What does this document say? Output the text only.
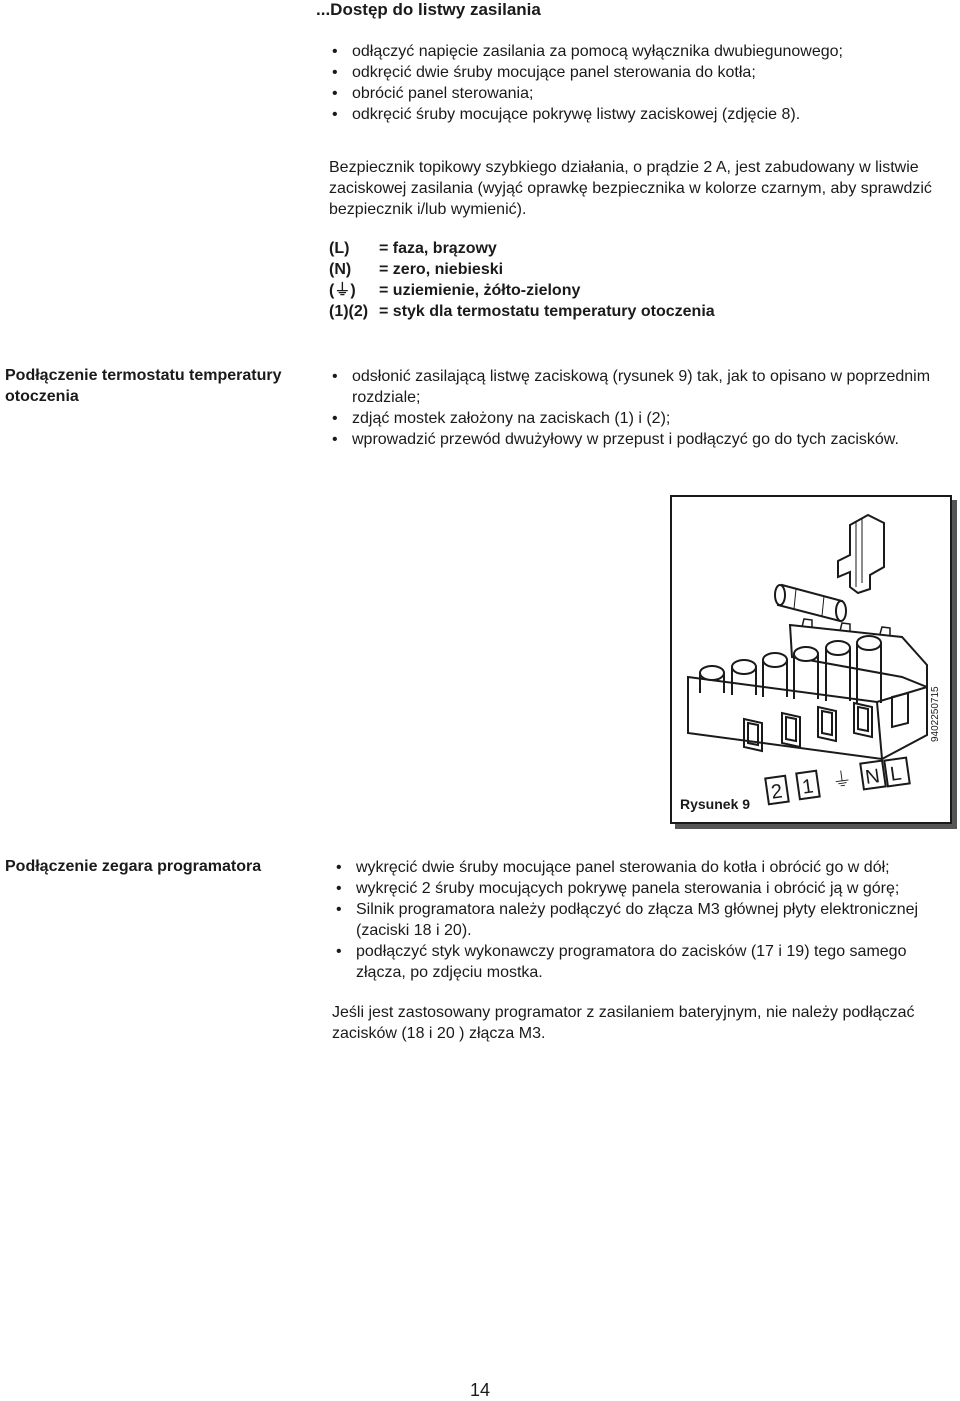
...Dostęp do listwy zasilania
• odłączyć napięcie zasilania za pomocą wyłącznika dwubiegunowego;
• odkręcić dwie śruby mocujące panel sterowania do kotła;
• obrócić panel sterowania;
• odkręcić śruby mocujące pokrywę listwy zaciskowej (zdjęcie 8).
Bezpiecznik topikowy szybkiego działania, o prądzie 2 A, jest zabudowany w listwie zaciskowej zasilania (wyjąć oprawkę bezpiecznika w kolorze czarnym, aby sprawdzić bezpiecznik i/lub wymienić).
(L)	= faza, brązowy
(N)	= zero, niebieski
(⏚)	= uziemienie, żółto-zielony
(1)(2) = styk dla termostatu temperatury otoczenia
Podłączenie termostatu temperatury otoczenia
• odsłonić zasilającą listwę zaciskową (rysunek 9) tak, jak to opisano w poprzednim rozdziale;
• zdjąć mostek założony na zaciskach (1) i (2);
• wprowadzić przewód dwużyłowy w przepust i podłączyć go do tych zacisków.
2 1 ⏚ N L
Rysunek 9
9402250715
Podłączenie zegara programatora
•	wykręcić dwie śruby mocujące panel sterowania do kotła i obrócić go w dół;
• wykręcić 2 śruby mocujących pokrywę panela sterowania i obrócić ją w górę;
• Silnik programatora należy podłączyć do złącza M3 głównej płyty elektronicznej (zaciski 18 i 20).
• podłączyć styk wykonawczy programatora do zacisków (17 i 19) tego samego złącza, po zdjęciu mostka.
Jeśli jest zastosowany programator z zasilaniem bateryjnym, nie należy podłączać zacisków (18 i 20 ) złącza M3.
14
